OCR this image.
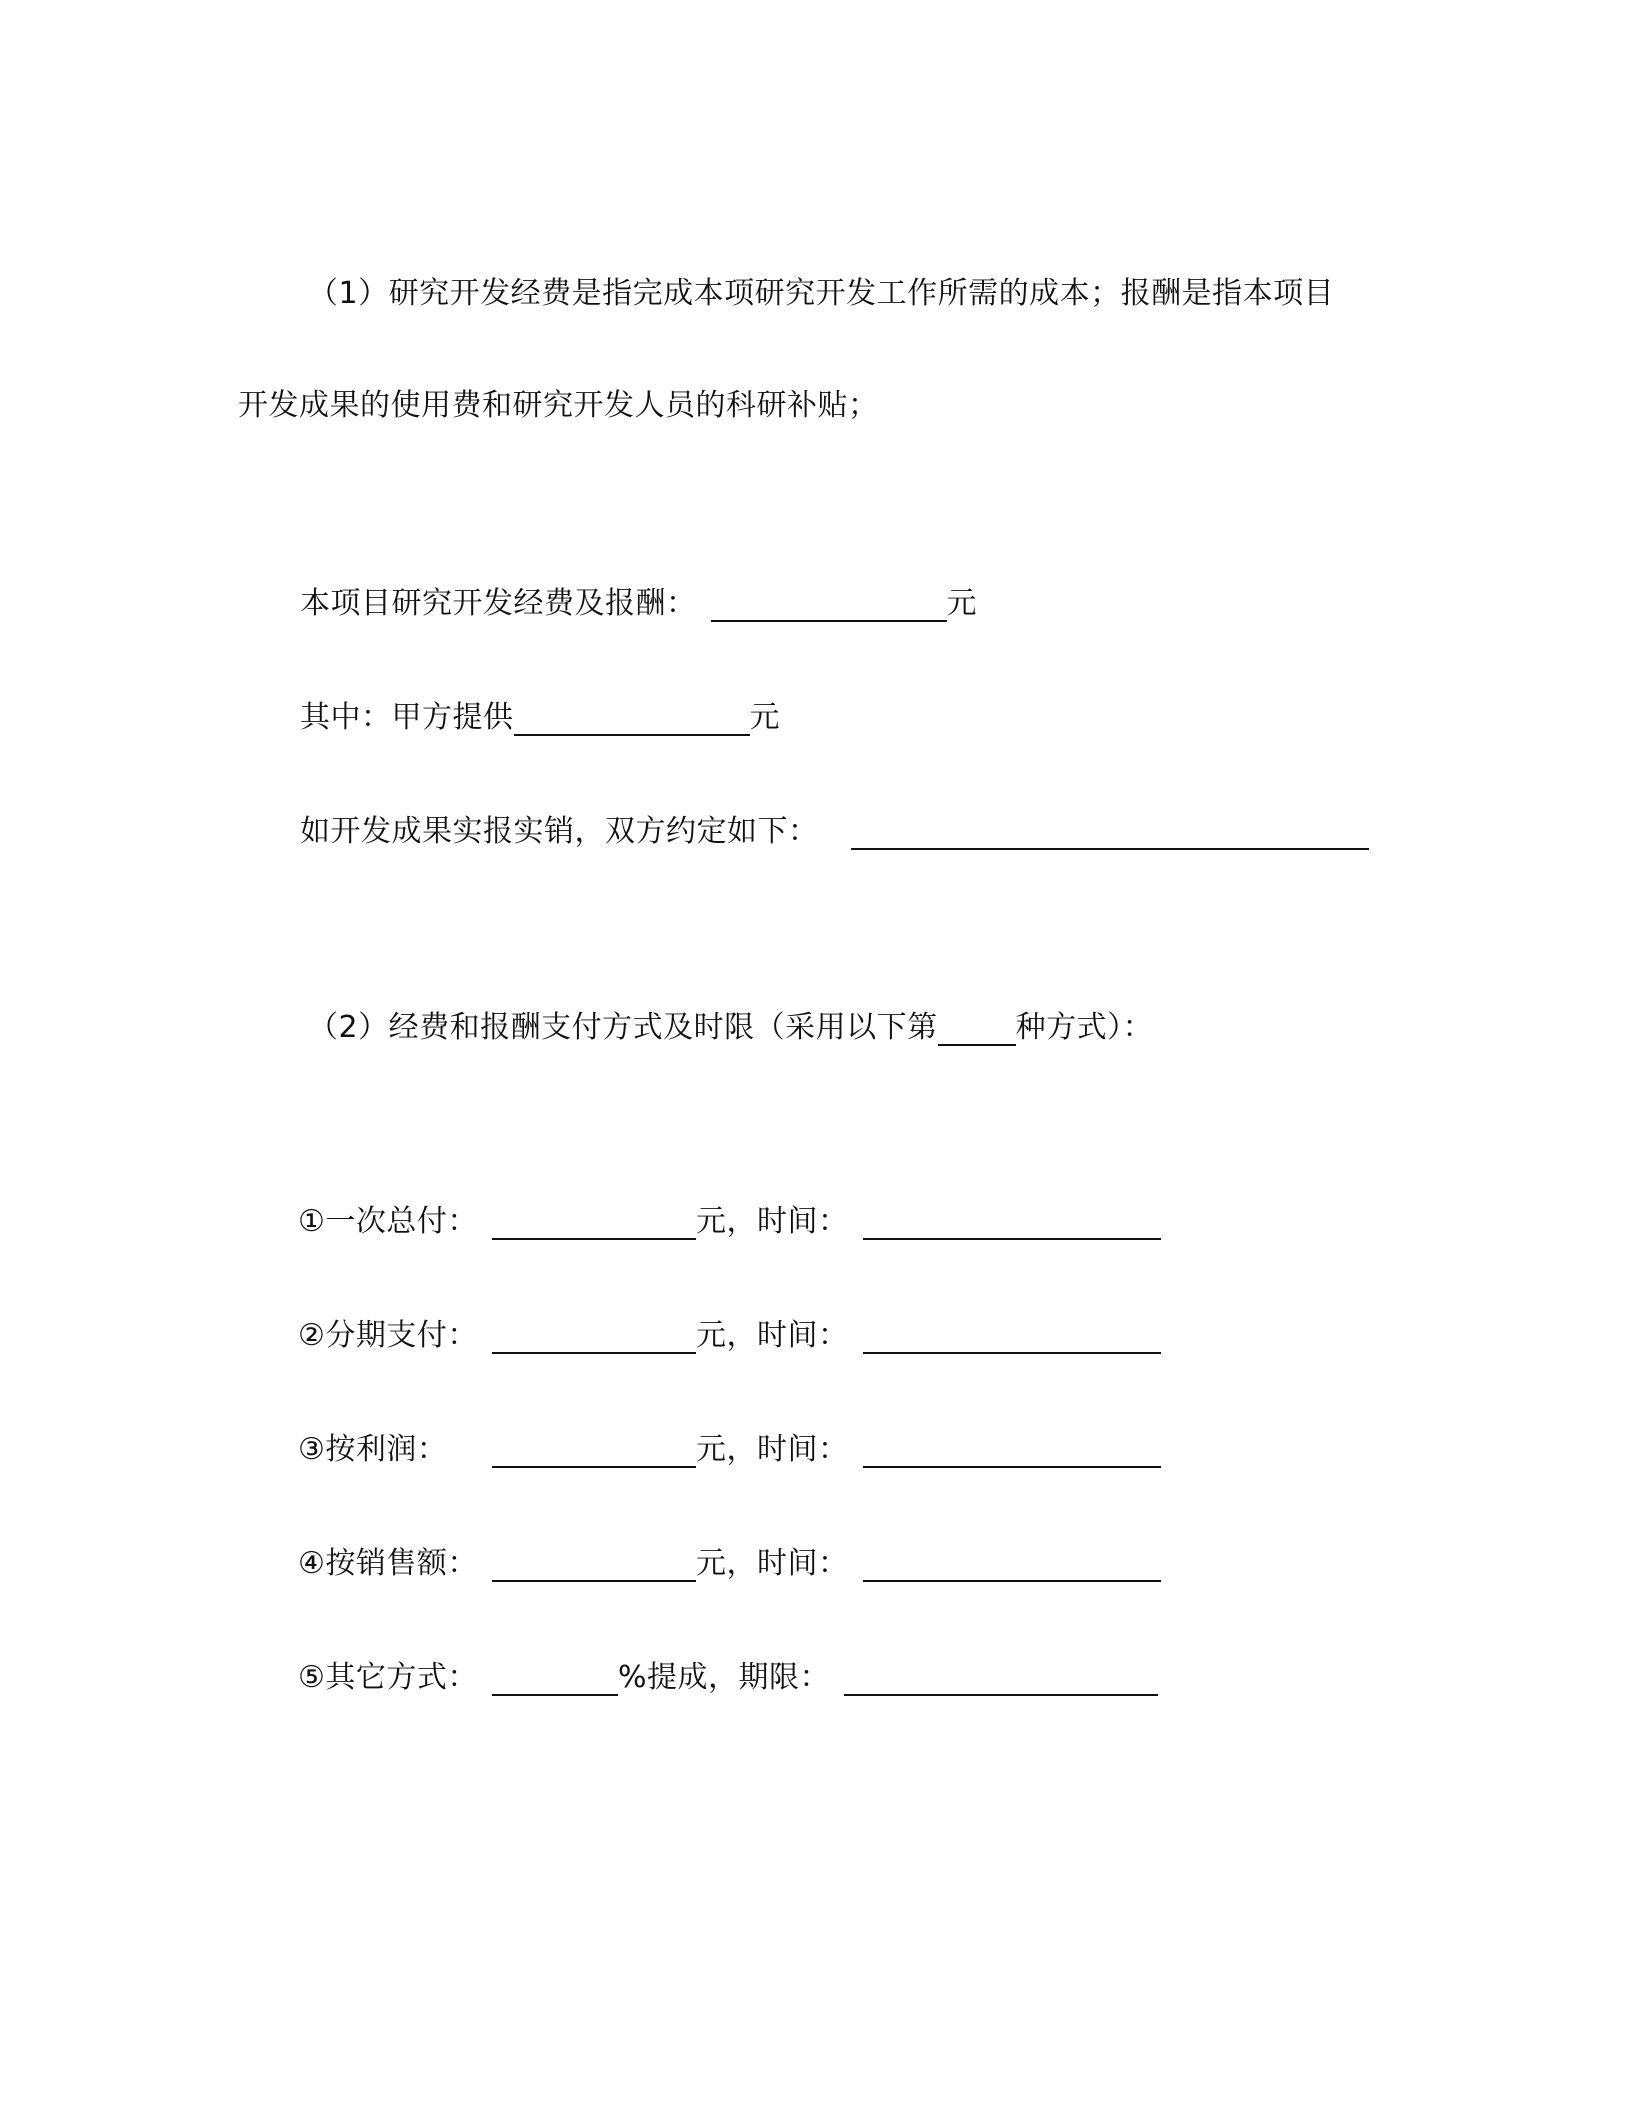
（1）研究开发经费是指完成本项研究开发工作所需的成本；报酬是指本项目
开发成果的使用费和研究开发人员的科研补贴；
本项目研究开发经费及报酬：	元
其中：甲方提供	元
如开发成果实报实销，双方约定如下：
（2）经费和报酬支付方式及时限（采用以下第	种方式）：
①一次总付：	元，时间：
②分期支付：	元，时间：
③按利润：	元，时间：
④按销售额：	元，时间：
⑤其它方式：	%提成，期限：
